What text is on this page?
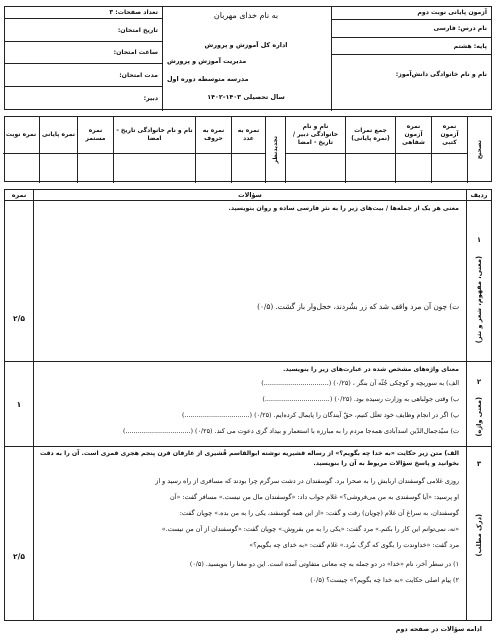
آزمون پایانی نوبت دوم
نام درس: فارسی
پایه: هشتم
نام و نام خانوادگی دانش‌آموز:
به نام خدای مهربان
اداره کل آموزش و پرورش
مدیریت آموزش و پرورش
مدرسه متوسطه دوره اول
سال تحصیلی ۱۴۰۳-۱۴۰۲
تعداد صفحات: ۳
تاریخ امتحان:
ساعت امتحان:
مدت امتحان:
دبیر:
تصحیح
نمره آزمون کتبی
نمره آزمون شفاهی
جمع نمرات (نمره پایانی)
نام و نام خانوادگی دبیر / تاریخ - امضا
تجدیدنظر
نمره به عدد
نمره به حروف
نام و نام خانوادگی تاریخ - امضا
نمره مستمر
نمره پایانی
نمره نوبت
ردیف
سؤالات
نمره
۱
(معنی، مفهوم، شعر و نثر)
۲/۵
معنی هر یک از جمله‌ها / بیت‌های زیر را به نثر فارسی ساده و روان بنویسید.
ت) چون آن مرد واقف شد که زر بشُردند، خجل‌وار باز گشت. (۰/۵)
۲
(معنی واژه)
۱
معنای واژه‌های مشخص شده در عبارت‌های زیر را بنویسید.
الف) به سوربچه و کوچکی جُثّه آن بنگر ، (۰/۲۵) (................................)
ب) وقتی جولباهی به وزارت رسیده بود. (۰/۲۵) (................................)
پ) اگر در انجام وظایف خود تعلّل کنیم، حقّ آیندگان را پایمال کرده‌ایم. (۰/۲۵) (................................)
ت) سیّدجمال‌الدّین اسدآبادی همه‌جا مردم را به مبارزه با استعمار و بیداد گری دعوت می کند. (۰/۲۵) (................................)
۳
(درک مطلب)
۲/۵
الف) متن زیر حکایت «به خدا چه بگویم؟» از رساله قشیریه نوشته ابوالقاسم قُشیری از عارفان قرن پنجم هجری قمری است. آن را به دقت بخوانید و پاسخ سؤالات مربوط به آن را بنویسید.
روزی غلامی گوسفندان اربابش را به صحرا برد. گوسفندان در دشت سرگرم چرا بودند که مسافری از راه رسید و از
او پرسید: «آیا گوسفندی به من می‌فروشی؟» غلام جواب داد: «گوسفندان مال من نیست.» مسافر گفت: «آن
گوسفندان، به سراغ آن غلام (چوپان) رفت و گفت: «از این همه گوسفند، یکی را به من بده.» چوپان گفت:
«نه، نمی‌توانم این کار را بکنم.» مرد گفت: «یکی را به من بفروش.» چوپان گفت: «گوسفندان از آن من نیست.»
مرد گفت: «خداوندت را بگوی که گرگ ببُرد.» غلام گفت: «به خدای چه بگویم؟»
۱) در سطر آخر، نام «خدا» در دو جمله به چه معانی متفاوتی آمده است. این دو معنا را بنویسید. (۰/۵)
۲) پیام اصلی حکایت «به خدا چه بگویم؟» چیست؟ (۰/۵)
ادامه سؤالات در صفحه دوم
